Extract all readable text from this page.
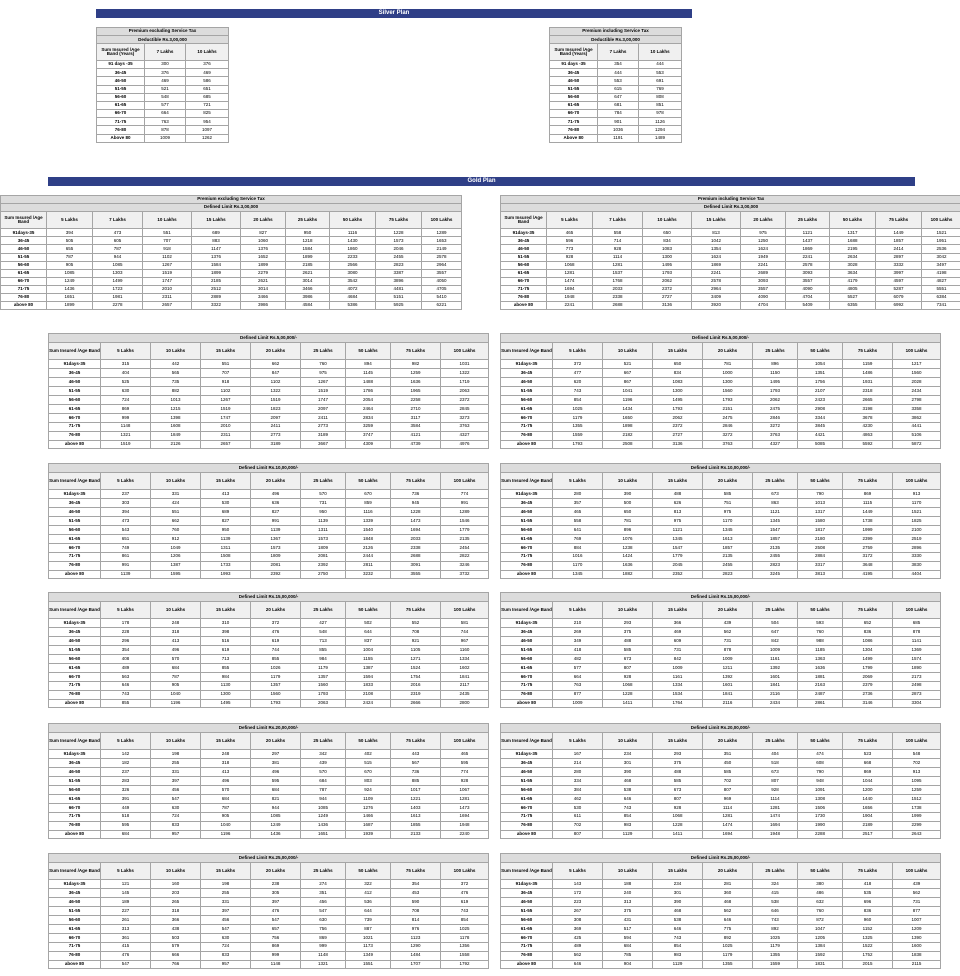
Silver Plan
Gold Plan
Premium excluding Service Tax		
Deductible Rs.3,00,000		
Sum Insured /Age Band (Years)	7 Lakhs	10 Lakhs
91 days -35	300	376
36-45	376	469
46-50	469	586
51-55	521	651
56-60	548	685
61-65	577	721
66-70	664	825
71-75	763	954
76-80	878	1097
Above 80	1009	1262
Premium including Service Tax		
Deductible Rs.3,00,000		
Sum Insured /Age Band (Years)	7 Lakhs	10 Lakhs
91 days -35	354	444
36-45	444	553
46-50	553	691
51-55	615	769
56-60	647	808
61-65	681	851
66-70	784	978
71-75	901	1126
76-80	1036	1294
Above 80	1191	1489
Premium excluding Service Tax									
Defined Limit Rs.3,00,000									
Sum Insured /Age Band	5 Lakhs	7 Lakhs	10 Lakhs	15 Lakhs	20 Lakhs	25 Lakhs	50 Lakhs	75 Lakhs	100 Lakhs
91days-35	394	473	551	689	827	950	1116	1228	1289
36-45	505	605	707	883	1060	1218	1430	1573	1653
46-50	655	787	918	1147	1376	1584	1860	2046	2149
51-55	787	944	1102	1376	1652	1899	2233	2455	2578
56-60	905	1085	1267	1584	1899	2185	2566	2823	2964
61-65	1085	1303	1519	1899	2279	2621	3080	3387	3557
66-70	1249	1499	1747	2185	2621	3014	3542	3896	4050
71-75	1436	1723	2010	2512	3014	3466	4072	4481	4705
76-80	1651	1981	2311	2889	3466	3986	4684	5151	5410
above 80	1899	2278	2657	3322	3986	4584	5386	5925	6221
Premium including Service Tax									
Defined Limit Rs.3,00,000									
Sum Insured /Age Band	5 Lakhs	7 Lakhs	10 Lakhs	15 Lakhs	20 Lakhs	25 Lakhs	50 Lakhs	75 Lakhs	100 Lakhs
91days-35	465	558	650	813	975	1121	1317	1449	1521
36-45	596	714	834	1042	1250	1437	1688	1857	1951
46-50	773	928	1083	1354	1624	1869	2195	2414	2536
51-55	928	1114	1300	1624	1949	2241	2634	2897	3042
56-60	1068	1281	1495	1869	2241	2578	3028	3332	3497
61-65	1281	1537	1793	2241	2689	3093	3634	3997	4198
66-70	1474	1768	2062	2578	3093	3557	4179	4597	4827
71-75	1694	2033	2372	2964	3557	4090	4805	5287	5551
76-80	1948	2338	2727	3409	4090	4704	5527	6079	6384
above 80	2241	2688	3136	3920	4704	5409	6355	6992	7341
Defined Limit Rs.5,00,000/-								
Sum Insured /Age Band	5 Lakhs	10 Lakhs	15 Lakhs	20 Lakhs	25 Lakhs	50 Lakhs	75 Lakhs	100 Lakhs
91days-35	315	442	551	662	760	894	982	1031
36-45	404	565	707	847	975	1145	1259	1322
46-50	525	735	918	1102	1267	1488	1636	1719
51-55	630	882	1102	1322	1519	1786	1965	2063
56-60	724	1013	1267	1519	1747	2054	2258	2372
61-65	869	1215	1519	1823	2097	2464	2710	2845
66-70	999	1398	1747	2097	2411	2834	3117	3273
71-75	1148	1608	2010	2411	2773	3259	3584	3763
76-80	1321	1849	2311	2773	3189	3747	4121	4327
above 80	1519	2126	2657	3189	3667	4309	4739	4976
Defined Limit Rs.5,00,000/-								
Sum Insured /Age Band	5 Lakhs	10 Lakhs	15 Lakhs	20 Lakhs	25 Lakhs	50 Lakhs	75 Lakhs	100 Lakhs
91days-35	372	521	650	781	896	1054	1159	1217
36-45	477	667	834	1000	1150	1351	1486	1560
46-50	620	867	1083	1300	1495	1756	1931	2028
51-55	743	1041	1300	1560	1793	2107	2318	2434
56-60	854	1196	1495	1793	2062	2423	2665	2798
61-65	1025	1434	1793	2151	2475	2908	3198	3358
66-70	1179	1650	2062	2475	2846	3344	3678	3862
71-75	1355	1898	2372	2846	3272	3845	4230	4441
76-80	1559	2182	2727	3272	3763	4421	4863	5106
above 80	1793	2508	3136	3763	4327	5085	5592	5872
Defined Limit Rs.10,00,000/-								
Sum Insured /Age Band	5 Lakhs	10 Lakhs	15 Lakhs	20 Lakhs	25 Lakhs	50 Lakhs	75 Lakhs	100 Lakhs
91days-35	237	331	413	496	570	670	736	774
36-45	303	424	530	636	731	859	945	991
46-50	394	551	689	827	950	1116	1228	1289
51-55	473	662	827	991	1139	1339	1473	1546
56-60	543	760	950	1139	1311	1540	1694	1779
61-65	651	912	1139	1367	1573	1848	2033	2135
66-70	749	1049	1311	1573	1809	2126	2338	2454
71-75	861	1206	1508	1809	2081	2444	2688	2822
76-80	991	1387	1733	2081	2392	2811	3091	3246
above 80	1139	1595	1993	2392	2750	3232	3555	3732
Defined Limit Rs.10,00,000/-								
Sum Insured /Age Band	5 Lakhs	10 Lakhs	15 Lakhs	20 Lakhs	25 Lakhs	50 Lakhs	75 Lakhs	100 Lakhs
91days-35	280	390	488	585	673	790	869	913
36-45	357	500	626	751	863	1013	1115	1170
46-50	465	650	813	975	1121	1317	1449	1521
51-55	558	781	975	1170	1345	1580	1738	1825
56-60	641	896	1121	1345	1547	1817	1999	2100
61-65	769	1076	1345	1613	1857	2180	2399	2519
66-70	884	1238	1547	1857	2135	2508	2759	2896
71-75	1016	1424	1779	2135	2455	2884	3172	3330
76-80	1170	1636	2045	2455	2823	3317	3648	3830
above 80	1345	1882	2352	2823	3245	3813	4195	4404
Defined Limit Rs.15,00,000/-								
Sum Insured /Age Band	5 Lakhs	10 Lakhs	15 Lakhs	20 Lakhs	25 Lakhs	50 Lakhs	75 Lakhs	100 Lakhs
91days-35	178	248	310	372	427	502	552	581
36-45	228	318	398	476	548	644	708	744
46-50	296	413	516	619	713	837	921	967
51-55	354	496	619	744	855	1004	1105	1160
56-60	408	570	713	855	984	1155	1271	1334
61-65	489	684	855	1026	1179	1387	1524	1602
66-70	563	787	984	1179	1357	1594	1754	1841
71-75	646	905	1130	1357	1560	1833	2016	2117
76-80	743	1040	1300	1560	1793	2108	2319	2435
above 80	855	1196	1495	1793	2063	2424	2666	2800
Defined Limit Rs.15,00,000/-								
Sum Insured /Age Band	5 Lakhs	10 Lakhs	15 Lakhs	20 Lakhs	25 Lakhs	50 Lakhs	75 Lakhs	100 Lakhs
91days-35	210	293	366	439	504	593	652	685
36-45	269	375	469	562	647	760	836	878
46-50	349	488	609	731	842	988	1086	1141
51-55	418	585	731	878	1009	1185	1304	1369
56-60	482	673	842	1009	1161	1363	1499	1574
61-65	577	807	1009	1211	1392	1636	1799	1890
66-70	664	928	1161	1392	1601	1881	2069	2173
71-75	763	1068	1334	1601	1841	2163	2379	2498
76-80	877	1228	1534	1841	2116	2487	2736	2873
above 80	1009	1411	1764	2116	2434	2861	3146	3304
Defined Limit Rs.20,00,000/-								
Sum Insured /Age Band	5 Lakhs	10 Lakhs	15 Lakhs	20 Lakhs	25 Lakhs	50 Lakhs	75 Lakhs	100 Lakhs
91days-35	142	198	248	297	342	402	443	465
36-45	182	255	318	381	439	515	567	595
46-50	237	331	413	496	570	670	736	774
51-55	283	397	496	595	684	803	885	928
56-60	326	456	570	684	787	924	1017	1067
61-65	391	547	684	821	944	1109	1221	1281
66-70	449	630	787	944	1085	1276	1403	1473
71-75	518	724	905	1085	1249	1466	1613	1694
76-80	595	833	1040	1249	1436	1687	1855	1948
above 80	684	957	1196	1436	1651	1939	2133	2240
Defined Limit Rs.20,00,000/-								
Sum Insured /Age Band	5 Lakhs	10 Lakhs	15 Lakhs	20 Lakhs	25 Lakhs	50 Lakhs	75 Lakhs	100 Lakhs
91days-35	167	234	293	351	404	474	523	548
36-45	214	301	375	450	518	608	668	702
46-50	280	390	488	585	673	790	869	913
51-55	334	468	585	702	807	948	1044	1095
56-60	384	538	673	807	928	1091	1200	1259
61-65	462	646	807	969	1114	1308	1440	1512
66-70	530	743	928	1114	1281	1506	1656	1738
71-75	611	854	1068	1281	1474	1730	1904	1999
76-80	702	983	1228	1474	1694	1990	2189	2299
above 80	807	1129	1411	1694	1948	2288	2517	2643
Defined Limit Rs.25,00,000/-								
Sum Insured /Age Band	5 Lakhs	10 Lakhs	15 Lakhs	20 Lakhs	25 Lakhs	50 Lakhs	75 Lakhs	100 Lakhs
91days-35	121	160	198	238	274	322	354	372
36-45	145	203	255	305	351	412	453	476
46-50	189	265	331	397	456	536	590	619
51-55	227	318	397	476	547	644	708	743
56-60	261	366	456	547	630	739	814	854
61-65	313	438	547	657	756	887	976	1025
66-70	361	503	630	756	869	1021	1123	1178
71-75	415	579	724	869	999	1173	1290	1356
76-80	476	666	833	999	1148	1349	1484	1558
above 80	547	766	957	1148	1321	1551	1707	1792
Defined Limit Rs.25,00,000/-								
Sum Insured /Age Band	5 Lakhs	10 Lakhs	15 Lakhs	20 Lakhs	25 Lakhs	50 Lakhs	75 Lakhs	100 Lakhs
91days-35	143	188	234	281	324	380	418	439
36-45	172	240	301	360	415	486	535	562
46-50	223	313	390	468	538	632	696	731
51-55	267	375	468	562	646	760	836	877
56-60	308	431	538	646	743	872	960	1007
61-65	369	517	646	775	892	1047	1152	1209
66-70	425	594	743	892	1025	1205	1325	1390
71-75	489	684	854	1025	1179	1384	1522	1600
76-80	562	785	983	1179	1355	1592	1752	1838
above 80	646	904	1129	1355	1559	1831	2015	2115
